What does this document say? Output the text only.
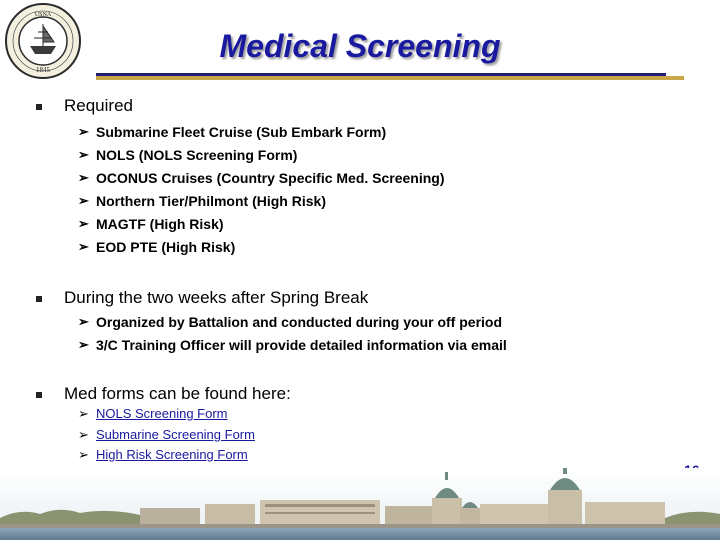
USNA
1845
Medical Screening
Required
➢ Submarine Fleet Cruise (Sub Embark Form)
➢ NOLS (NOLS Screening Form)
➢ OCONUS Cruises (Country Specific Med. Screening)
➢ Northern Tier/Philmont (High Risk)
➢ MAGTF (High Risk)
➢ EOD PTE (High Risk)
During the two weeks after Spring Break
➢ Organized by Battalion and conducted during your off period
➢ 3/C Training Officer will provide detailed information via email
Med forms can be found here:
➢ NOLS Screening Form
➢ Submarine Screening Form
➢ High Risk Screening Form
